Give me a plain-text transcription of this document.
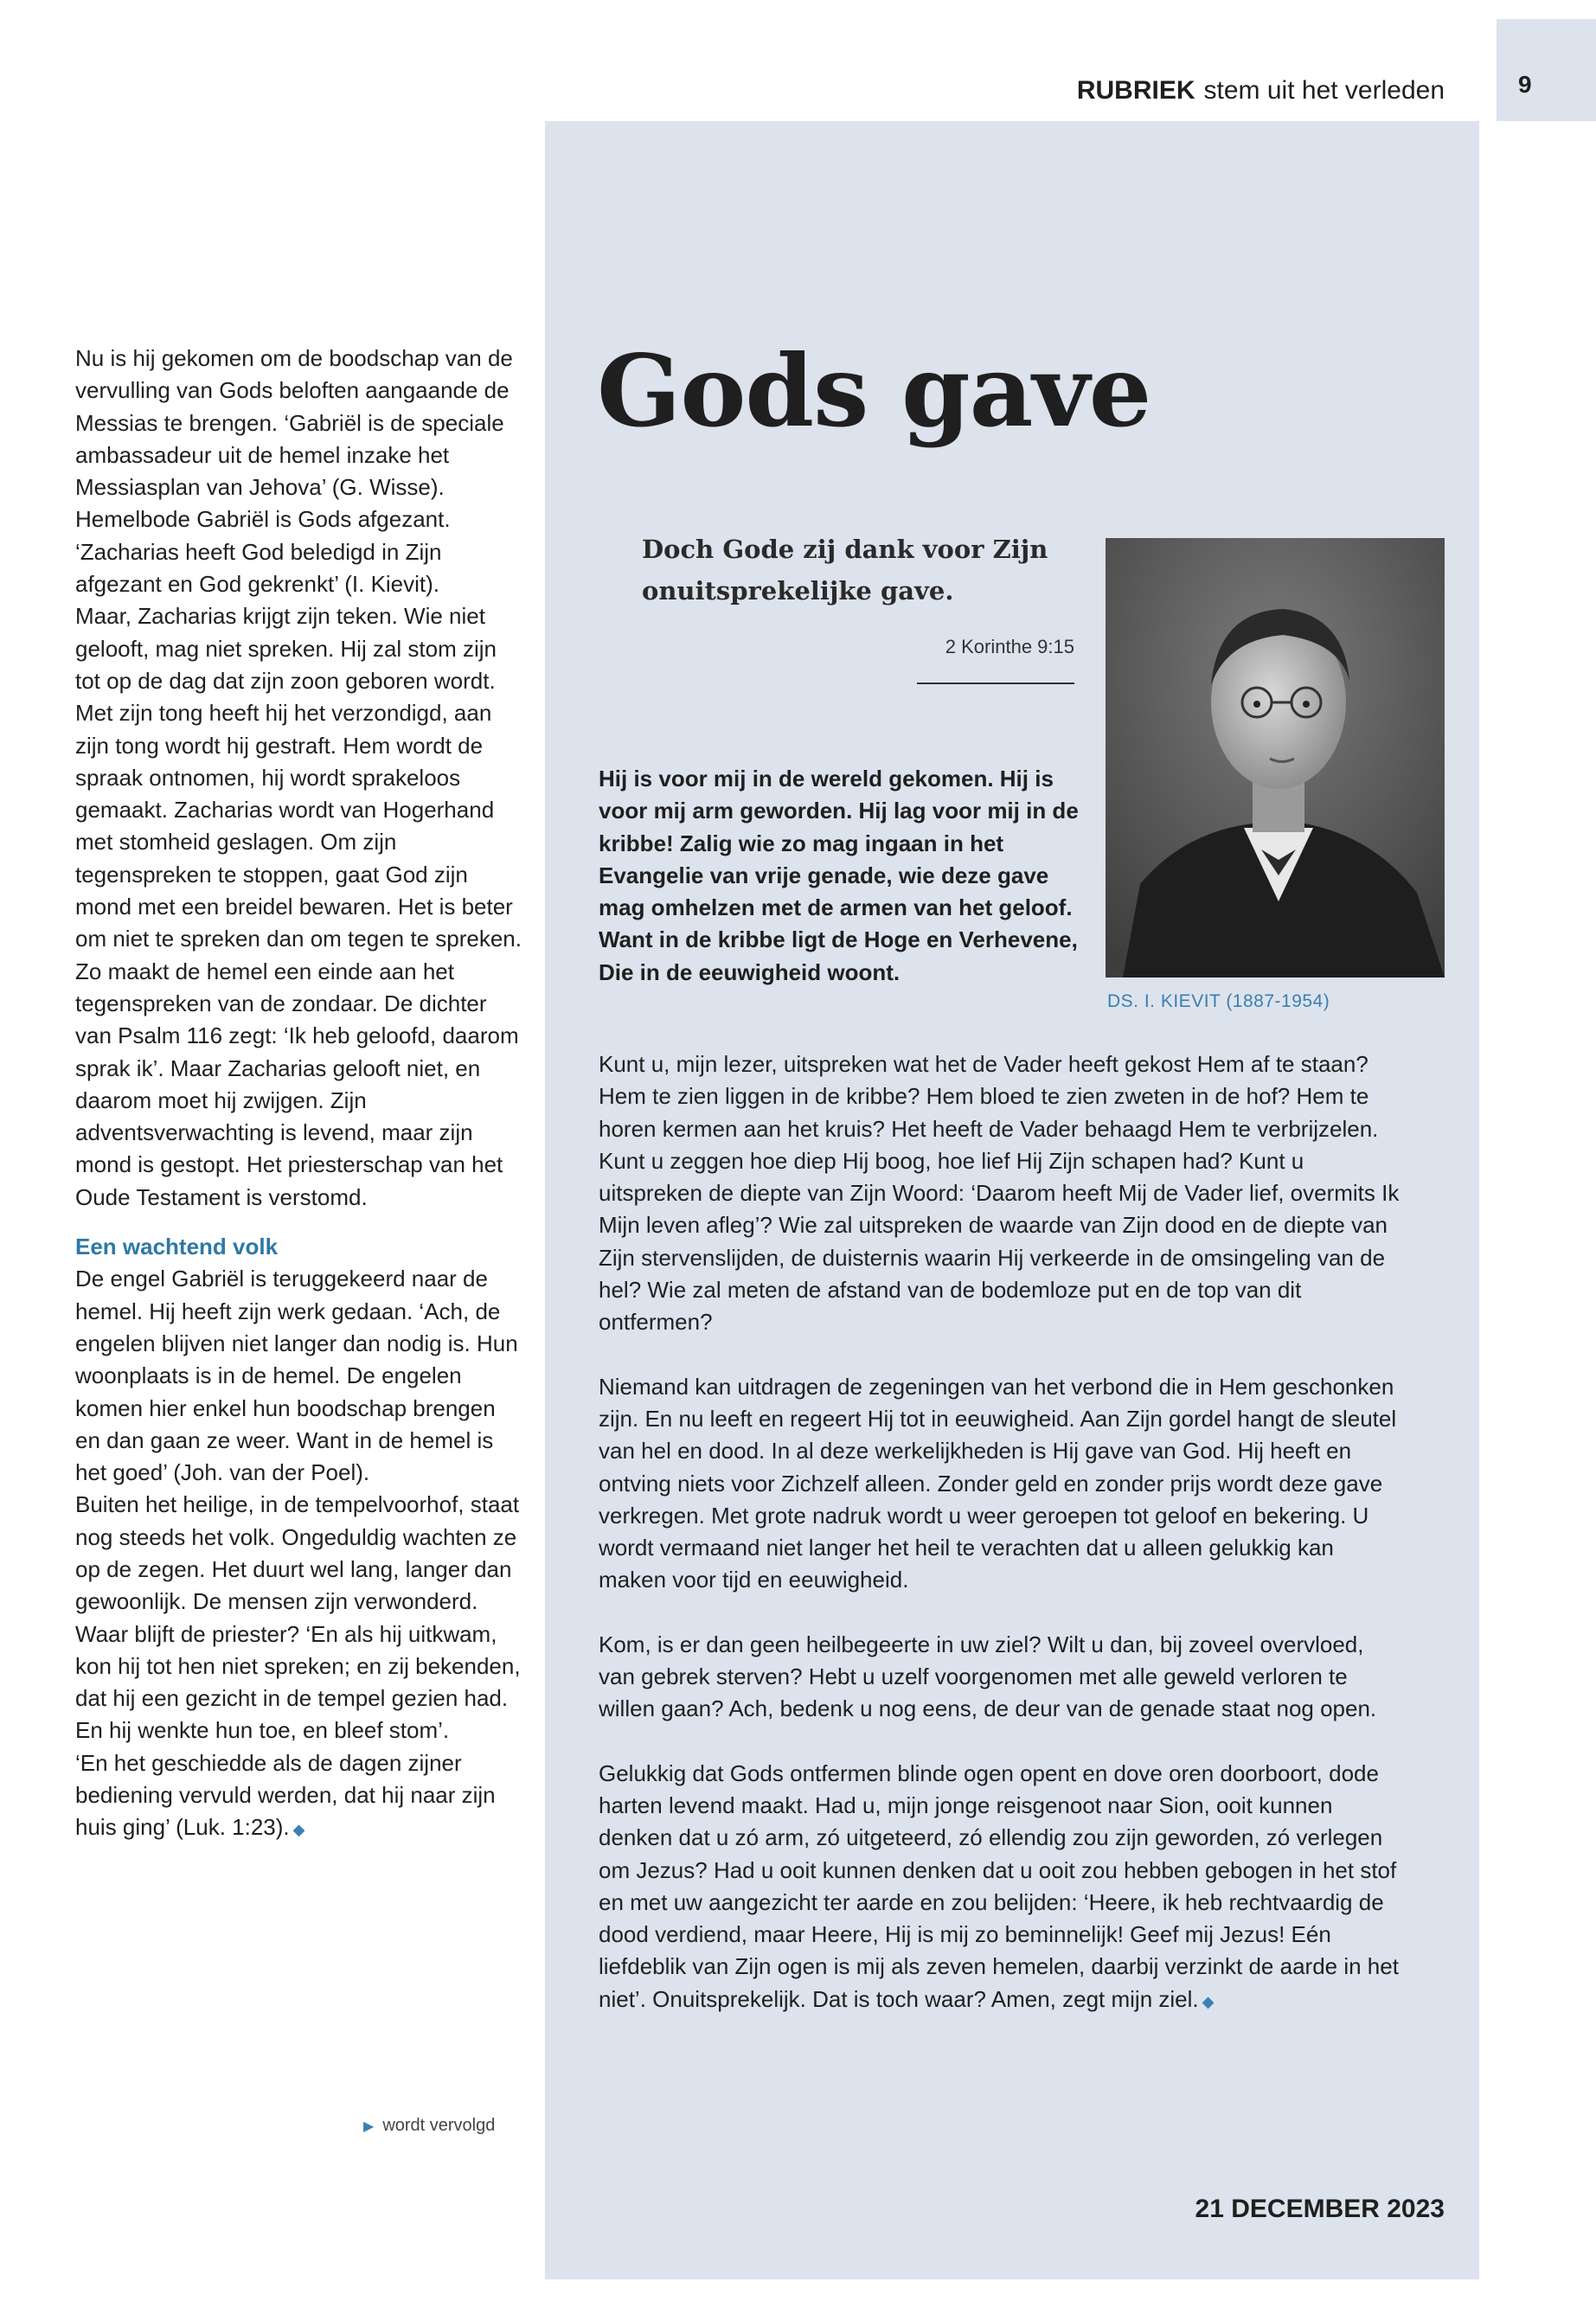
9
RUBRIEK stem uit het verleden

Nu is hij gekomen om de boodschap van de vervulling van Gods beloften aangaande de Messias te brengen. ‘Gabriël is de speciale ambassadeur uit de hemel inzake het Messiasplan van Jehova’ (G. Wisse). Hemelbode Gabriël is Gods afgezant. ‘Zacharias heeft God beledigd in Zijn afgezant en God gekrenkt’ (I. Kievit).

Maar, Zacharias krijgt zijn teken. Wie niet gelooft, mag niet spreken. Hij zal stom zijn tot op de dag dat zijn zoon geboren wordt. Met zijn tong heeft hij het verzondigd, aan zijn tong wordt hij gestraft. Hem wordt de spraak ontnomen, hij wordt sprakeloos gemaakt. Zacharias wordt van Hogerhand met stomheid geslagen. Om zijn tegenspreken te stoppen, gaat God zijn mond met een breidel bewaren. Het is beter om niet te spreken dan om tegen te spreken.

Zo maakt de hemel een einde aan het tegenspreken van de zondaar. De dichter van Psalm 116 zegt: ‘Ik heb geloofd, daarom sprak ik’. Maar Zacharias gelooft niet, en daarom moet hij zwijgen. Zijn adventsverwachting is levend, maar zijn mond is gestopt. Het priesterschap van het Oude Testament is verstomd.

Een wachtend volk

De engel Gabriël is teruggekeerd naar de hemel. Hij heeft zijn werk gedaan. ‘Ach, de engelen blijven niet langer dan nodig is. Hun woonplaats is in de hemel. De engelen komen hier enkel hun boodschap brengen en dan gaan ze weer. Want in de hemel is het goed’ (Joh. van der Poel).

Buiten het heilige, in de tempelvoorhof, staat nog steeds het volk. Ongeduldig wachten ze op de zegen. Het duurt wel lang, langer dan gewoonlijk. De mensen zijn verwonderd. Waar blijft de priester? ‘En als hij uitkwam, kon hij tot hen niet spreken; en zij bekenden, dat hij een gezicht in de tempel gezien had. En hij wenkte hun toe, en bleef stom’.

‘En het geschiedde als de dagen zijner bediening vervuld werden, dat hij naar zijn huis ging’ (Luk. 1:23). ◆

▶ wordt vervolgd
Gods gave
Doch Gode zij dank voor Zijn onuitsprekelijke gave.
2 Korinthe 9:15
DS. I. KIEVIT (1887-1954)
Hij is voor mij in de wereld gekomen. Hij is voor mij arm geworden. Hij lag voor mij in de kribbe! Zalig wie zo mag ingaan in het Evangelie van vrije genade, wie deze gave mag omhelzen met de armen van het geloof. Want in de kribbe ligt de Hoge en Verhevene, Die in de eeuwigheid woont.

Kunt u, mijn lezer, uitspreken wat het de Vader heeft gekost Hem af te staan? Hem te zien liggen in de kribbe? Hem bloed te zien zweten in de hof? Hem te horen kermen aan het kruis? Het heeft de Vader behaagd Hem te verbrijzelen. Kunt u zeggen hoe diep Hij boog, hoe lief Hij Zijn schapen had? Kunt u uitspreken de diepte van Zijn Woord: ‘Daarom heeft Mij de Vader lief, overmits Ik Mijn leven afleg’? Wie zal uitspreken de waarde van Zijn dood en de diepte van Zijn stervenslijden, de duisternis waarin Hij verkeerde in de omsingeling van de hel? Wie zal meten de afstand van de bodemloze put en de top van dit ontfermen?

Niemand kan uitdragen de zegeningen van het verbond die in Hem geschonken zijn. En nu leeft en regeert Hij tot in eeuwigheid. Aan Zijn gordel hangt de sleutel van hel en dood. In al deze werkelijkheden is Hij gave van God. Hij heeft en ontving niets voor Zichzelf alleen. Zonder geld en zonder prijs wordt deze gave verkregen. Met grote nadruk wordt u weer geroepen tot geloof en bekering. U wordt vermaand niet langer het heil te verachten dat u alleen gelukkig kan maken voor tijd en eeuwigheid.

Kom, is er dan geen heilbegeerte in uw ziel? Wilt u dan, bij zoveel overvloed, van gebrek sterven? Hebt u uzelf voorgenomen met alle geweld verloren te willen gaan? Ach, bedenk u nog eens, de deur van de genade staat nog open.

Gelukkig dat Gods ontfermen blinde ogen opent en dove oren doorboort, dode harten levend maakt. Had u, mijn jonge reisgenoot naar Sion, ooit kunnen denken dat u zó arm, zó uitgeteerd, zó ellendig zou zijn geworden, zó verlegen om Jezus? Had u ooit kunnen denken dat u ooit zou hebben gebogen in het stof en met uw aangezicht ter aarde en zou belijden: ‘Heere, ik heb rechtvaardig de dood verdiend, maar Heere, Hij is mij zo beminnelijk! Geef mij Jezus! Eén liefdeblik van Zijn ogen is mij als zeven hemelen, daarbij verzinkt de aarde in het niet’. Onuitsprekelijk. Dat is toch waar? Amen, zegt mijn ziel. ◆

21 DECEMBER 2023
